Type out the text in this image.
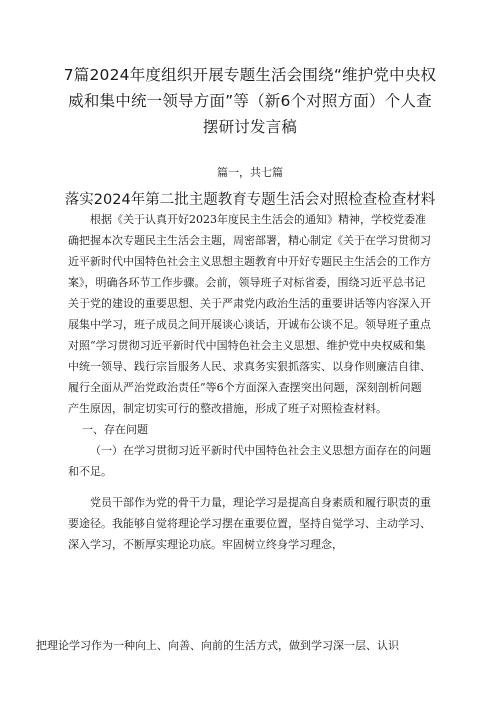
7篇2024年度组织开展专题生活会围绕“维护党中央权
威和集中统一领导方面”等（新6个对照方面）个人查
摆研讨发言稿
篇一，共七篇
落实2024年第二批主题教育专题生活会对照检查检查材料
根据《关于认真开好2023年度民主生活会的通知》精神，学校党委准
确把握本次专题民主生活会主题，周密部署，精心制定《关于在学习贯彻习
近平新时代中国特色社会主义思想主题教育中开好专题民主生活会的工作方
案》，明确各环节工作步骤。会前，领导班子对标省委，围绕习近平总书记
关于党的建设的重要思想、关于严肃党内政治生活的重要讲话等内容深入开
展集中学习，班子成员之间开展谈心谈话，开诚布公谈不足。领导班子重点
对照“学习贯彻习近平新时代中国特色社会主义思想、维护党中央权威和集
中统一领导、践行宗旨服务人民、求真务实狠抓落实、以身作则廉洁自律、
履行全面从严治党政治责任”等6个方面深入查摆突出问题，深刻剖析问题
产生原因，制定切实可行的整改措施，形成了班子对照检查材料。
一、存在问题
（一）在学习贯彻习近平新时代中国特色社会主义思想方面存在的问题
和不足。
党员干部作为党的骨干力量，理论学习是提高自身素质和履行职责的重
要途径。我能够自觉将理论学习摆在重要位置，坚持自觉学习、主动学习、
深入学习，不断厚实理论功底。牢固树立终身学习理念，
把理论学习作为一种向上、向善、向前的生活方式，做到学习深一层、认识
